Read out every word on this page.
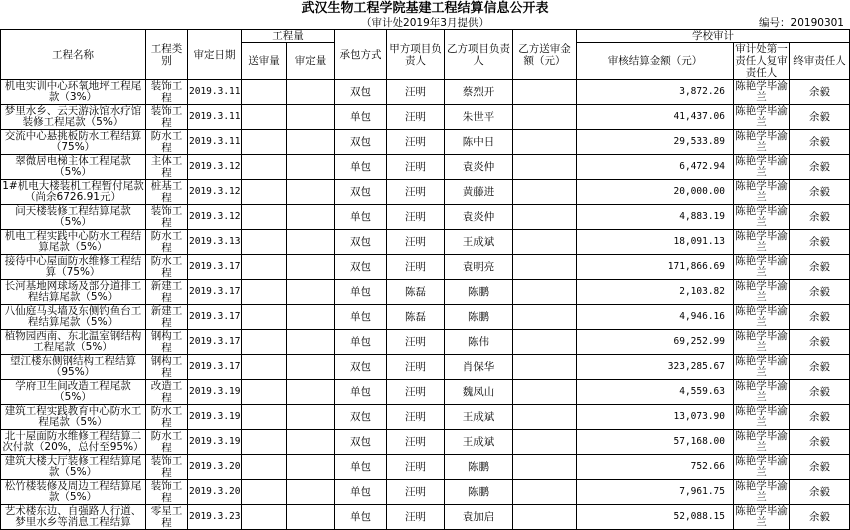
武汉生物工程学院基建工程结算信息公开表
（审计处2019年3月提供）	编号：20190301
工程名称	工程类别	审定日期	工程量		承包方式	甲方项目负责人	乙方项目负责人	乙方送审金额（元）	学校审计		
			送审量	审定量					审核结算金额（元）	审计处第一责任人复审责任人	终审责任人
机电实训中心环氧地坪工程尾款（3%）	装饰工程	2019.3.11			双包	汪明	蔡烈开		3,872.26	陈艳学毕渝兰	余毅
梦里水乡、云天游泳馆水疗馆装修工程尾款（5%）	装饰工程	2019.3.11			单包	汪明	朱世平		41,437.06	陈艳学毕渝兰	余毅
交流中心悬挑板防水工程结算（75%）	防水工程	2019.3.11			双包	汪明	陈中日		29,533.89	陈艳学毕渝兰	余毅
翠微居电梯主体工程尾款（5%）	主体工程	2019.3.12			单包	汪明	袁炎仲		6,472.94	陈艳学毕渝兰	余毅
1#机电大楼装机工程暂付尾款（尚余6726.91元）	桩基工程	2019.3.12			双包	汪明	黄藤进		20,000.00	陈艳学毕渝兰	余毅
问天楼装修工程结算尾款（5%）	装饰工程	2019.3.12			单包	汪明	袁炎仲		4,883.19	陈艳学毕渝兰	余毅
机电工程实践中心防水工程结算尾款（5%）	防水工程	2019.3.13			双包	汪明	王成斌		18,091.13	陈艳学毕渝兰	余毅
接待中心屋面防水维修工程结算（75%）	防水工程	2019.3.17			双包	汪明	袁明亮		171,866.69	陈艳学毕渝兰	余毅
长河基地网球场及部分道排工程结算尾款（5%）	新建工程	2019.3.17			单包	陈磊	陈鹏		2,103.82	陈艳学毕渝兰	余毅
八仙庭马头墙及东侧钓鱼台工程结算尾款（5%）	新建工程	2019.3.17			单包	陈磊	陈鹏		4,946.16	陈艳学毕渝兰	余毅
植物园西南、东北温室钢结构工程尾款（5%）	钢构工程	2019.3.17			单包	汪明	陈伟		69,252.99	陈艳学毕渝兰	余毅
望江楼东侧钢结构工程结算（95%）	钢构工程	2019.3.17			双包	汪明	肖保华		323,285.67	陈艳学毕渝兰	余毅
学府卫生间改造工程尾款（5%）	改造工程	2019.3.19			单包	汪明	魏凤山		4,559.63	陈艳学毕渝兰	余毅
建筑工程实践教育中心防水工程尾款（5%）	防水工程	2019.3.19			双包	汪明	王成斌		13,073.90	陈艳学毕渝兰	余毅
北十屋面防水维修工程结算二次付款（20%，总付至95%）	防水工程	2019.3.19			双包	汪明	王成斌		57,168.00	陈艳学毕渝兰	余毅
建筑大楼大厅装修工程结算尾款（5%）	装饰工程	2019.3.20			单包	汪明	陈鹏		752.66	陈艳学毕渝兰	余毅
松竹楼装修及周边工程结算尾款（5%）	装饰工程	2019.3.20			单包	汪明	陈鹏		7,961.75	陈艳学毕渝兰	余毅
艺术楼东边、自强路人行道、梦里水乡等消息工程结算	零星工程	2019.3.23			单包	汪明	袁加启		52,088.15	陈艳学毕渝兰	余毅
